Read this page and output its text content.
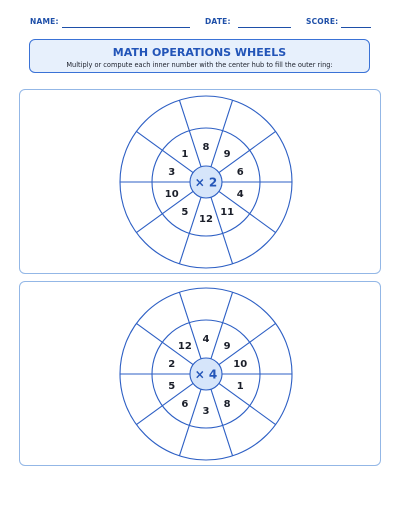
NAME:	DATE:	SCORE:
MATH OPERATIONS WHEELS
Multiply or compute each inner number with the center hub to fill the outer ring:
× 2
8
9
6
4
11
12
5
10
3
1
× 4
4
9
10
1
8
3
6
5
2
12
